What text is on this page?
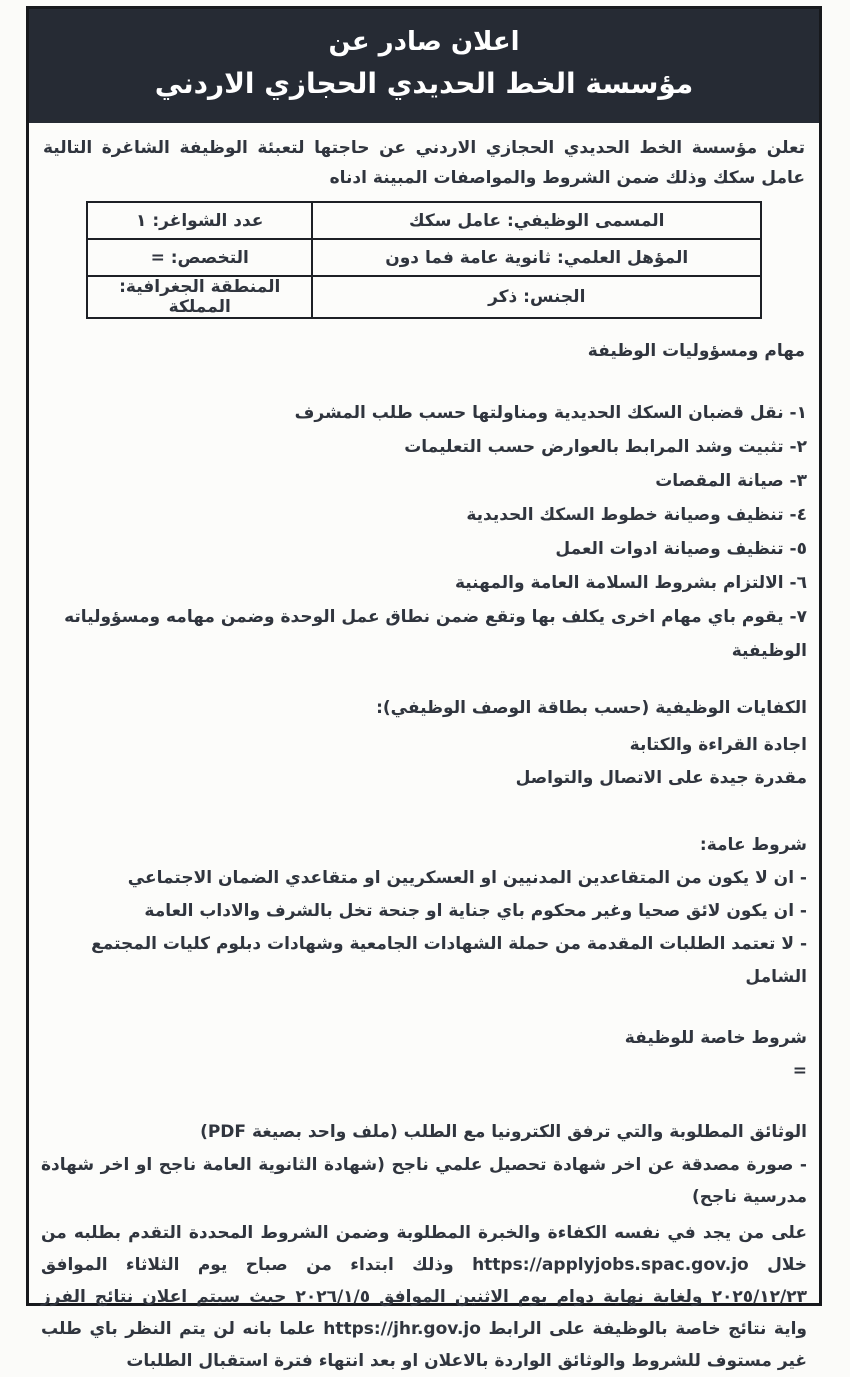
اعلان صادر عن
مؤسسة الخط الحديدي الحجازي الاردني

تعلن مؤسسة الخط الحديدي الحجازي الاردني عن حاجتها لتعبئة الوظيفة الشاغرة التالية عامل سكك وذلك ضمن الشروط والمواصفات المبينة ادناه

المسمى الوظيفي: عامل سكك	عدد الشواغر: ١
المؤهل العلمي: ثانوية عامة فما دون	التخصص: =
الجنس: ذكر	المنطقة الجغرافية: المملكة
مهام ومسؤوليات الوظيفة
١- نقل قضبان السكك الحديدية ومناولتها حسب طلب المشرف
٢- تثبيت وشد المرابط بالعوارض حسب التعليمات
٣- صيانة المقصات
٤- تنظيف وصيانة خطوط السكك الحديدية
٥- تنظيف وصيانة ادوات العمل
٦- الالتزام بشروط السلامة العامة والمهنية
٧- يقوم باي مهام اخرى يكلف بها وتقع ضمن نطاق عمل الوحدة وضمن مهامه ومسؤولياته الوظيفية
الكفايات الوظيفية (حسب بطاقة الوصف الوظيفي):
اجادة القراءة والكتابة
مقدرة جيدة على الاتصال والتواصل
شروط عامة:
- ان لا يكون من المتقاعدين المدنيين او العسكريين او متقاعدي الضمان الاجتماعي
- ان يكون لائق صحيا وغير محكوم باي جناية او جنحة تخل بالشرف والاداب العامة
- لا تعتمد الطلبات المقدمة من حملة الشهادات الجامعية وشهادات دبلوم كليات المجتمع الشامل
شروط خاصة للوظيفة
=
الوثائق المطلوبة والتي ترفق الكترونيا مع الطلب (ملف واحد بصيغة PDF)
- صورة مصدقة عن اخر شهادة تحصيل علمي ناجح (شهادة الثانوية العامة ناجح او اخر شهادة مدرسية ناجح)

على من يجد في نفسه الكفاءة والخبرة المطلوبة وضمن الشروط المحددة التقدم بطلبه من خلال https://applyjobs.spac.gov.jo وذلك ابتداء من صباح يوم الثلاثاء الموافق ٢٠٢٥/١٢/٢٣ ولغاية نهاية دوام يوم الاثنين الموافق ٢٠٢٦/١/٥ حيث سيتم اعلان نتائج الفرز واية نتائج خاصة بالوظيفة على الرابط https://jhr.gov.jo علما بانه لن يتم النظر باي طلب غير مستوف للشروط والوثائق الواردة بالاعلان او بعد انتهاء فترة استقبال الطلبات
